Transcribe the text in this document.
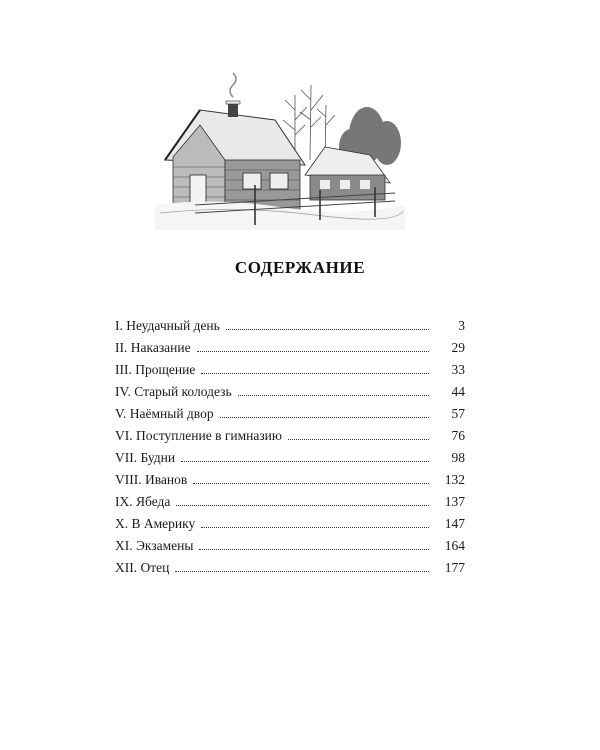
СОДЕРЖАНИЕ
I. Неудачный день	3
II. Наказание	29
III. Прощение	33
IV. Старый колодезь	44
V. Наёмный двор	57
VI. Поступление в гимназию	76
VII. Будни	98
VIII. Иванов	132
IX. Ябеда	137
X. В Америку	147
XI. Экзамены	164
XII. Отец	177
